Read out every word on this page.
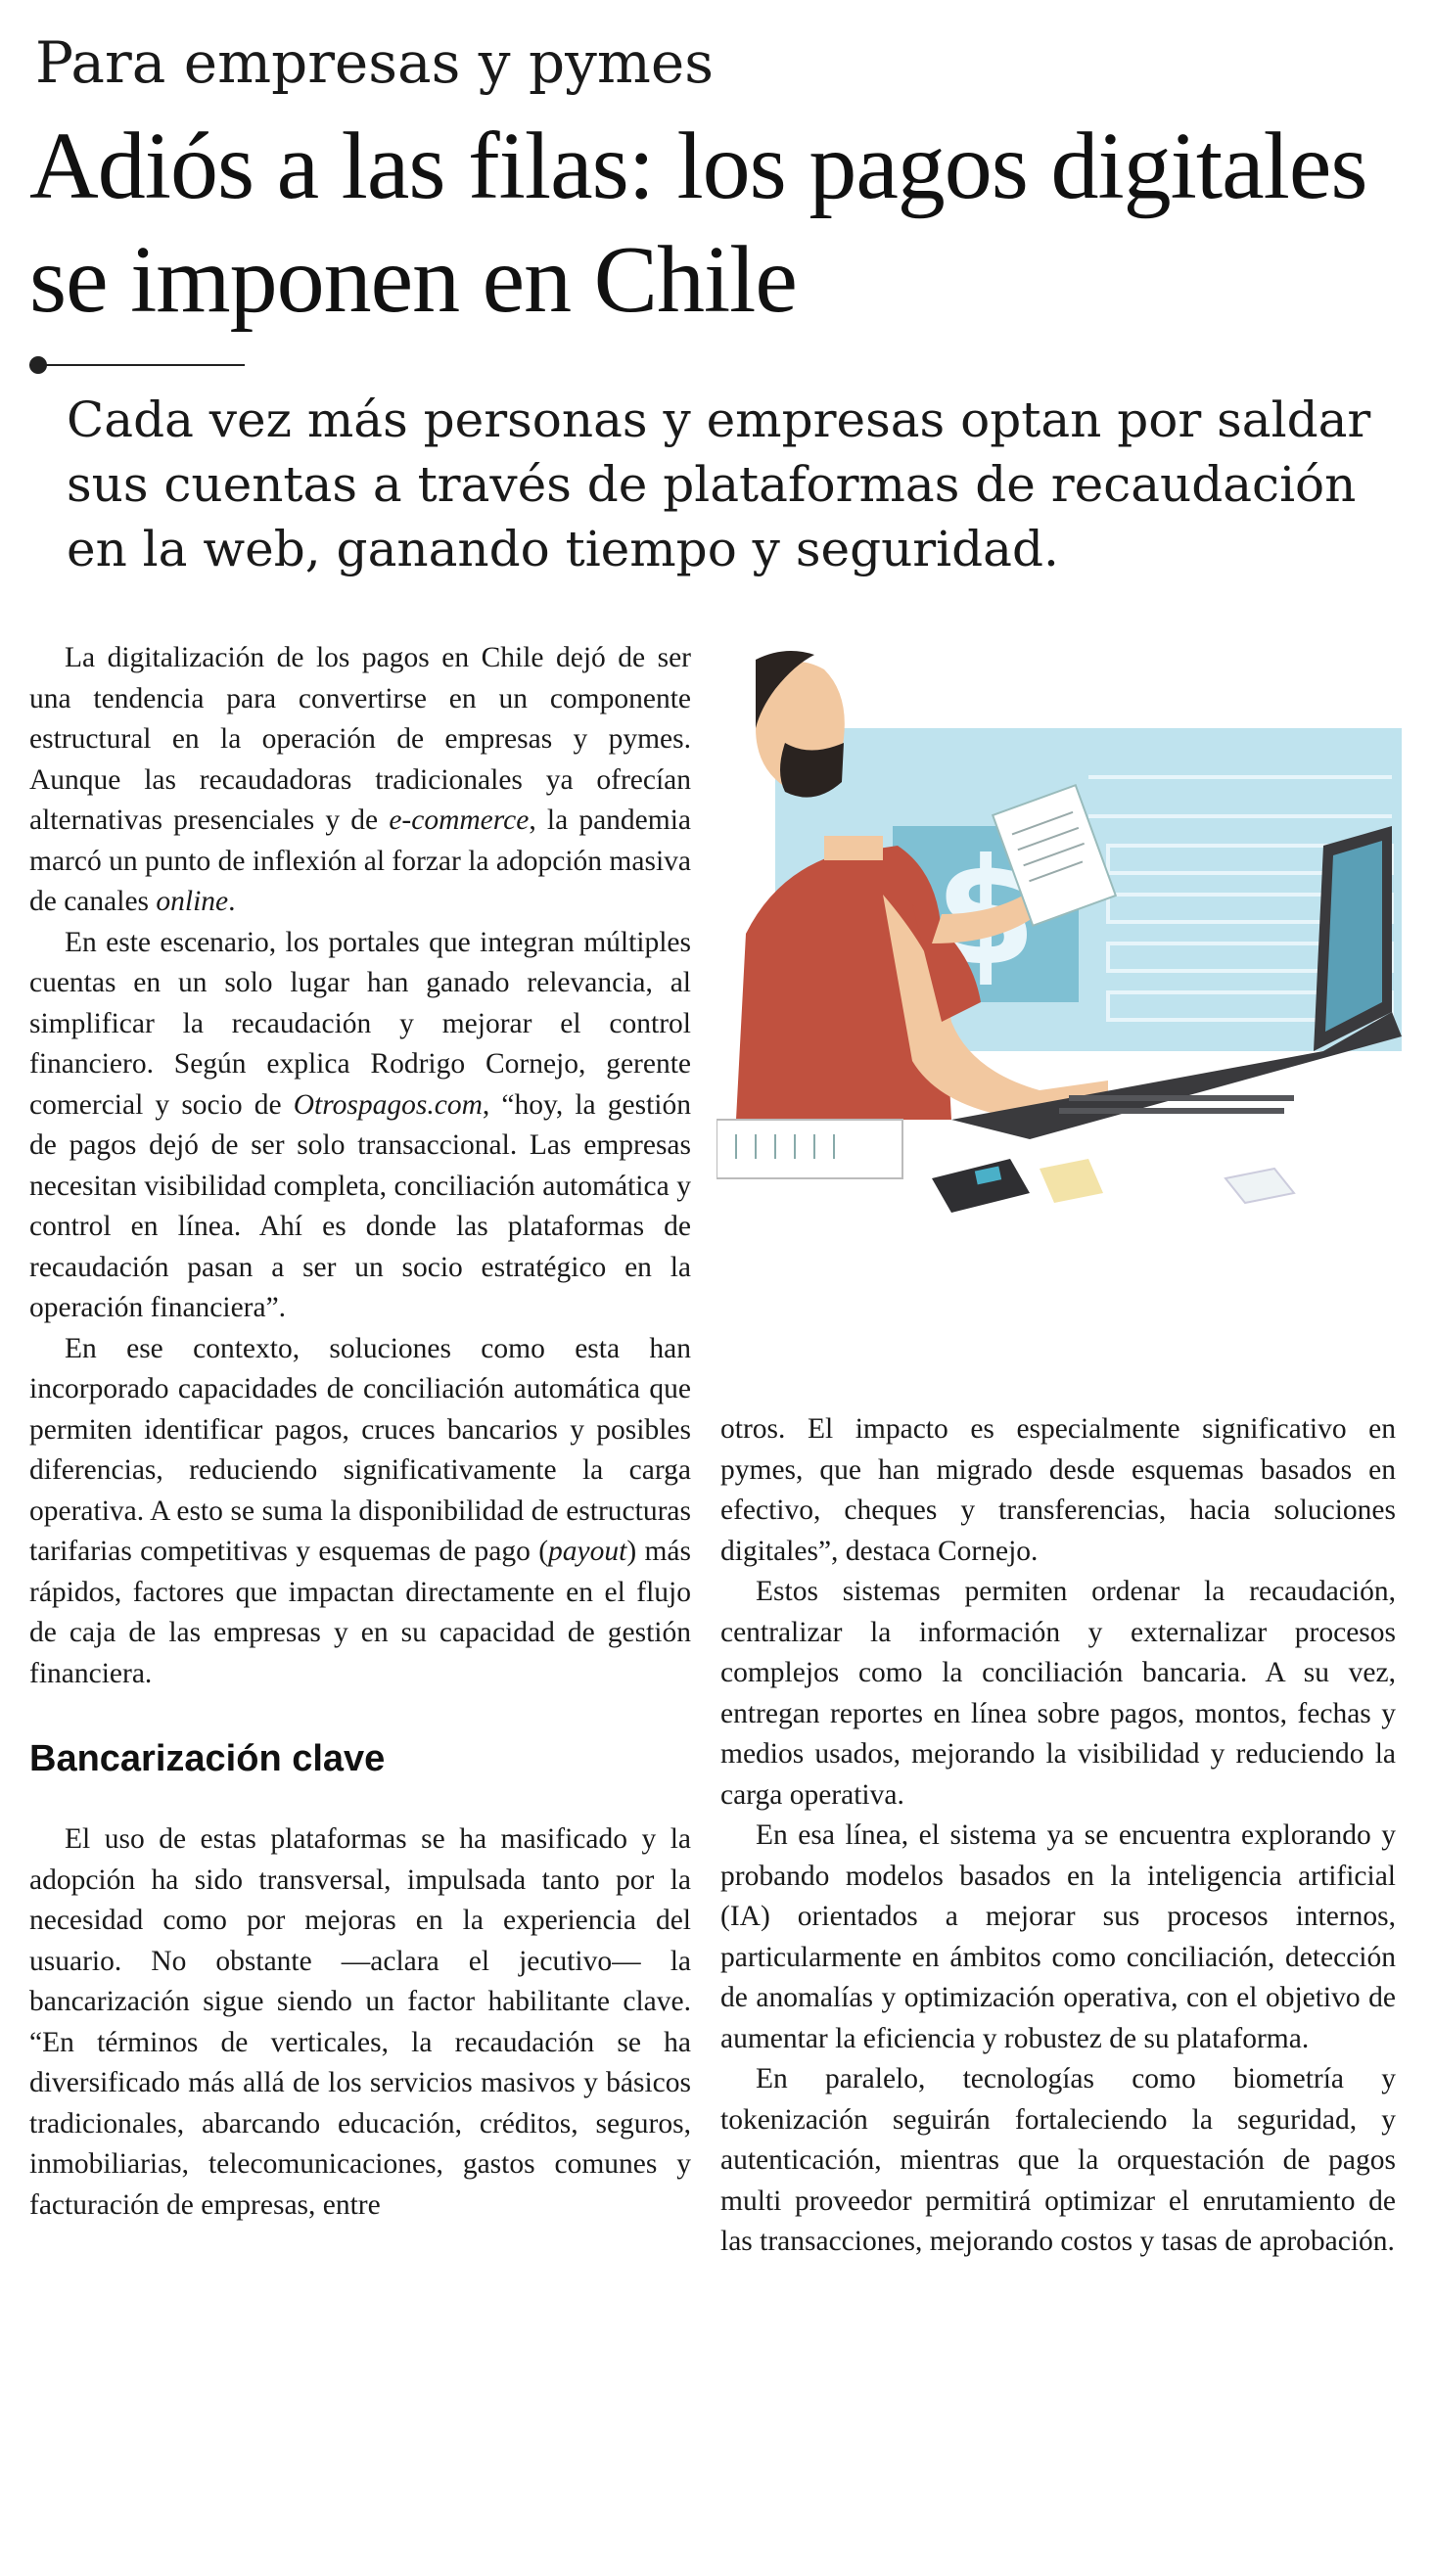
Para empresas y pymes
Adiós a las filas: los pagos digitales se imponen en Chile

Cada vez más personas y empresas optan por saldar sus cuentas a través de plataformas de recaudación en la web, ganando tiempo y seguridad.

La digitalización de los pagos en Chile dejó de ser una tendencia para convertirse en un componente estructural en la operación de empresas y pymes. Aunque las recaudadoras tradicionales ya ofrecían alternativas presenciales y de e-commerce, la pandemia marcó un punto de inflexión al forzar la adopción masiva de canales online.

En este escenario, los portales que integran múltiples cuentas en un solo lugar han ganado relevancia, al simplificar la recaudación y mejorar el control financiero. Según explica Rodrigo Cornejo, gerente comercial y socio de Otrospagos.com, “hoy, la gestión de pagos dejó de ser solo transaccional. Las empresas necesitan visibilidad completa, conciliación automática y control en línea. Ahí es donde las plataformas de recaudación pasan a ser un socio estratégico en la operación financiera”.

En ese contexto, soluciones como esta han incorporado capacidades de conciliación automática que permiten identificar pagos, cruces bancarios y posibles diferencias, reduciendo significativamente la carga operativa. A esto se suma la disponibilidad de estructuras tarifarias competitivas y esquemas de pago (payout) más rápidos, factores que impactan directamente en el flujo de caja de las empresas y en su capacidad de gestión financiera.

Bancarización clave

El uso de estas plataformas se ha masificado y la adopción ha sido transversal, impulsada tanto por la necesidad como por mejoras en la experiencia del usuario. No obstante —aclara el jecutivo— la bancarización sigue siendo un factor habilitante clave. “En términos de verticales, la recaudación se ha diversificado más allá de los servicios masivos y básicos tradicionales, abarcando educación, créditos, seguros, inmobiliarias, telecomunicaciones, gastos comunes y facturación de empresas, entre

otros. El impacto es especialmente significativo en pymes, que han migrado desde esquemas basados en efectivo, cheques y transferencias, hacia soluciones digitales”, destaca Cornejo.

Estos sistemas permiten ordenar la recaudación, centralizar la información y externalizar procesos complejos como la conciliación bancaria. A su vez, entregan reportes en línea sobre pagos, montos, fechas y medios usados, mejorando la visibilidad y reduciendo la carga operativa.

En esa línea, el sistema ya se encuentra explorando y probando modelos basados en la inteligencia artificial (IA) orientados a mejorar sus procesos internos, particularmente en ámbitos como conciliación, detección de anomalías y optimización operativa, con el objetivo de aumentar la eficiencia y robustez de su plataforma.

En paralelo, tecnologías como biometría y tokenización seguirán fortaleciendo la seguridad, y autenticación, mientras que la orquestación de pagos multi proveedor permitirá optimizar el enrutamiento de las transacciones, mejorando costos y tasas de aprobación.
